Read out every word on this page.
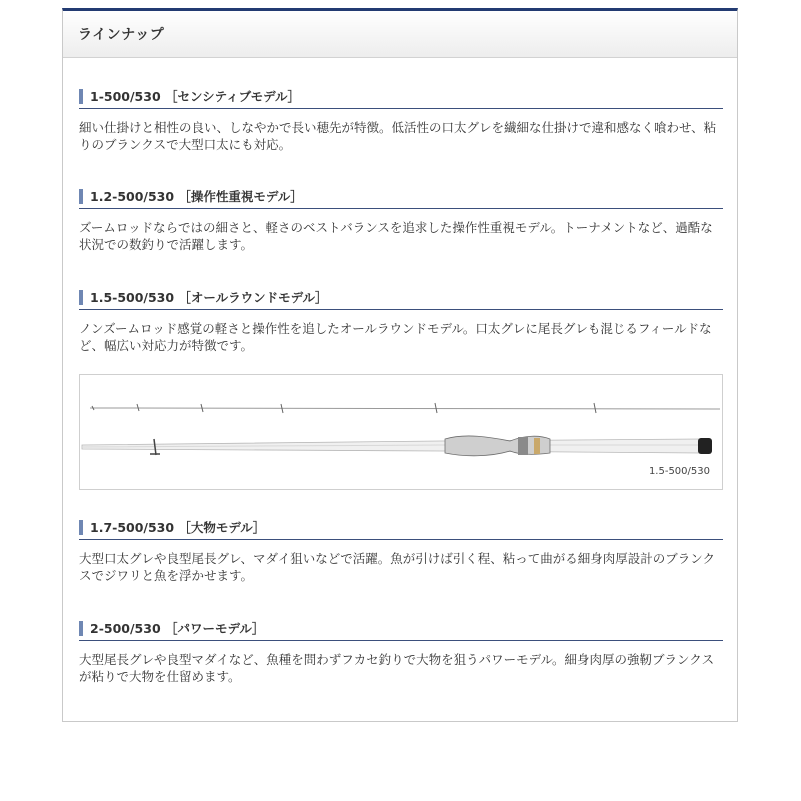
ラインナップ
1-500/530 ［センシティブモデル］
細い仕掛けと相性の良い、しなやかで長い穂先が特徴。低活性の口太グレを繊細な仕掛けで違和感なく喰わせ、粘りのブランクスで大型口太にも対応。
1.2-500/530 ［操作性重視モデル］
ズームロッドならではの細さと、軽さのベストバランスを追求した操作性重視モデル。トーナメントなど、過酷な状況での数釣りで活躍します。
1.5-500/530 ［オールラウンドモデル］
ノンズームロッド感覚の軽さと操作性を追したオールラウンドモデル。口太グレに尾長グレも混じるフィールドなど、幅広い対応力が特徴です。
1.5-500/530
1.7-500/530 ［大物モデル］
大型口太グレや良型尾長グレ、マダイ狙いなどで活躍。魚が引けば引く程、粘って曲がる細身肉厚設計のブランクスでジワリと魚を浮かせます。
2-500/530 ［パワーモデル］
大型尾長グレや良型マダイなど、魚種を問わずフカセ釣りで大物を狙うパワーモデル。細身肉厚の強靭ブランクスが粘りで大物を仕留めます。
